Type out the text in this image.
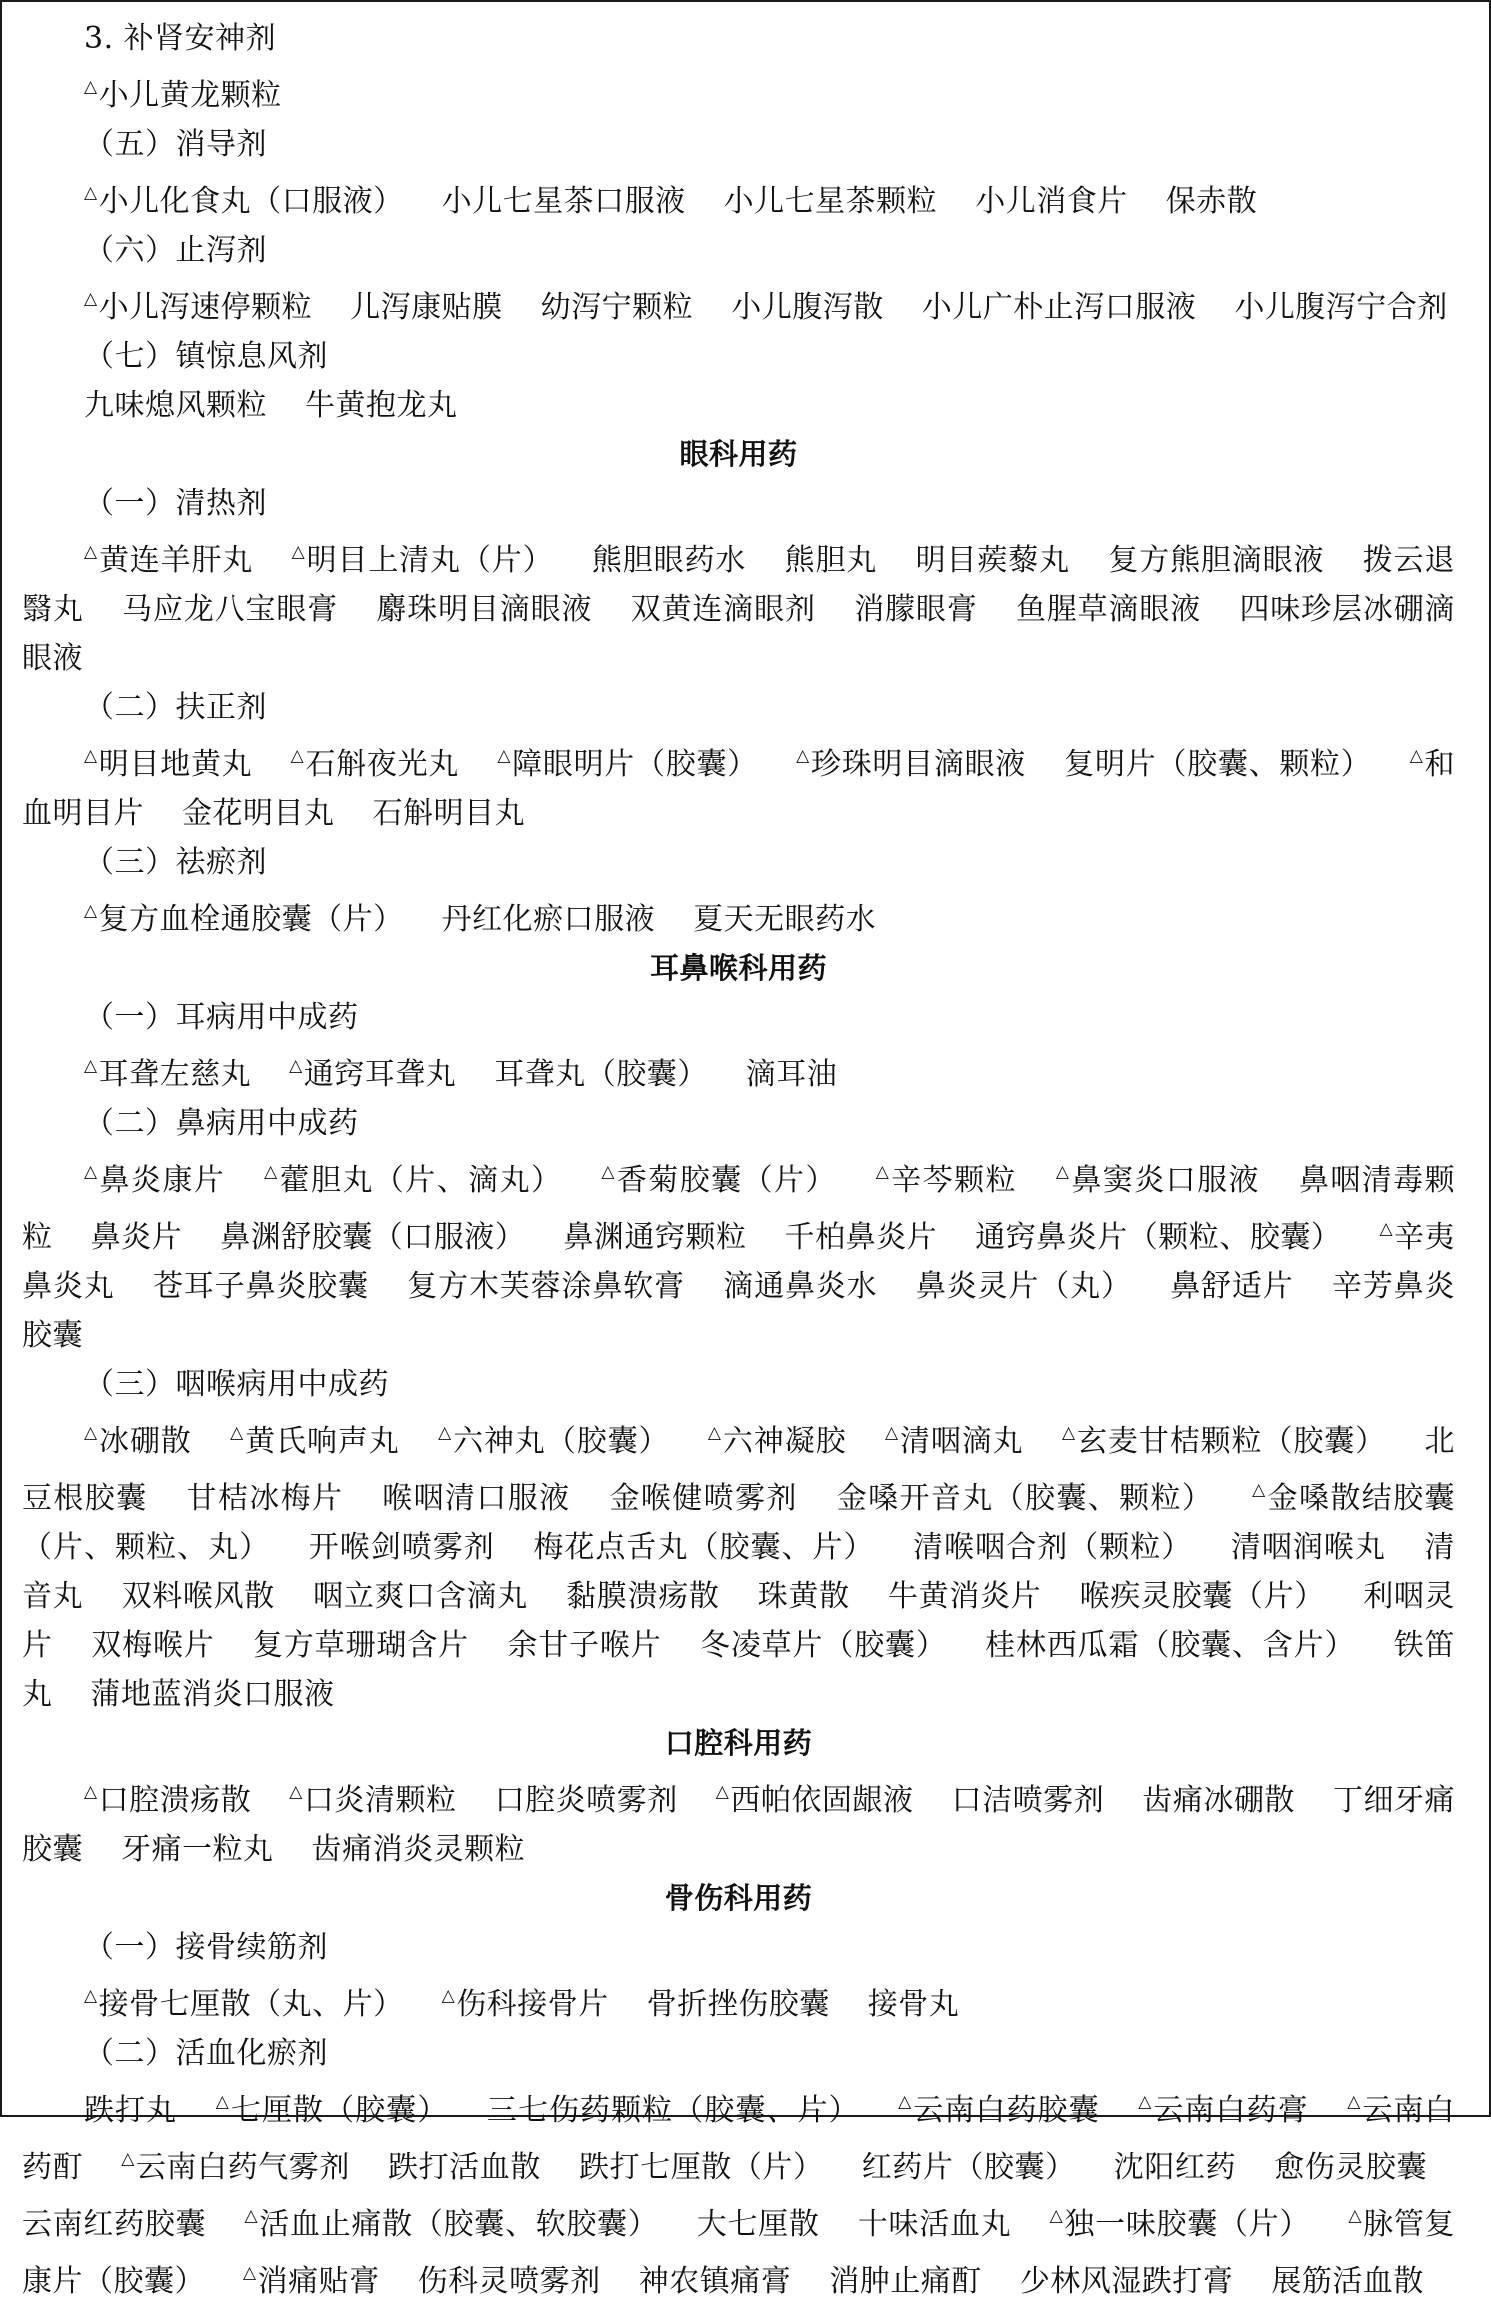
3. 补肾安神剂
△小儿黄龙颗粒
（五）消导剂
△小儿化食丸（口服液） 小儿七星茶口服液 小儿七星茶颗粒 小儿消食片 保赤散
（六）止泻剂
△小儿泻速停颗粒 儿泻康贴膜 幼泻宁颗粒 小儿腹泻散 小儿广朴止泻口服液 小儿腹泻宁合剂
（七）镇惊息风剂
九味熄风颗粒 牛黄抱龙丸
眼科用药
（一）清热剂
△黄连羊肝丸 △明目上清丸（片） 熊胆眼药水 熊胆丸 明目蒺藜丸 复方熊胆滴眼液 拨云退翳丸 马应龙八宝眼膏 麝珠明目滴眼液 双黄连滴眼剂 消朦眼膏 鱼腥草滴眼液 四味珍层冰硼滴眼液
（二）扶正剂
△明目地黄丸 △石斛夜光丸 △障眼明片（胶囊） △珍珠明目滴眼液 复明片（胶囊、颗粒） △和血明目片 金花明目丸 石斛明目丸
（三）祛瘀剂
△复方血栓通胶囊（片） 丹红化瘀口服液 夏天无眼药水
耳鼻喉科用药
（一）耳病用中成药
△耳聋左慈丸 △通窍耳聋丸 耳聋丸（胶囊） 滴耳油
（二）鼻病用中成药
△鼻炎康片 △藿胆丸（片、滴丸） △香菊胶囊（片） △辛芩颗粒 △鼻窦炎口服液 鼻咽清毒颗粒 鼻炎片 鼻渊舒胶囊（口服液） 鼻渊通窍颗粒 千柏鼻炎片 通窍鼻炎片（颗粒、胶囊） △辛夷鼻炎丸 苍耳子鼻炎胶囊 复方木芙蓉涂鼻软膏 滴通鼻炎水 鼻炎灵片（丸） 鼻舒适片 辛芳鼻炎胶囊
（三）咽喉病用中成药
△冰硼散 △黄氏响声丸 △六神丸（胶囊） △六神凝胶 △清咽滴丸 △玄麦甘桔颗粒（胶囊） 北豆根胶囊 甘桔冰梅片 喉咽清口服液 金喉健喷雾剂 金嗓开音丸（胶囊、颗粒） △金嗓散结胶囊（片、颗粒、丸） 开喉剑喷雾剂 梅花点舌丸（胶囊、片） 清喉咽合剂（颗粒） 清咽润喉丸 清音丸 双料喉风散 咽立爽口含滴丸 黏膜溃疡散 珠黄散 牛黄消炎片 喉疾灵胶囊（片） 利咽灵片 双梅喉片 复方草珊瑚含片 余甘子喉片 冬凌草片（胶囊） 桂林西瓜霜（胶囊、含片） 铁笛丸 蒲地蓝消炎口服液
口腔科用药
△口腔溃疡散 △口炎清颗粒 口腔炎喷雾剂 △西帕依固龈液 口洁喷雾剂 齿痛冰硼散 丁细牙痛胶囊 牙痛一粒丸 齿痛消炎灵颗粒
骨伤科用药
（一）接骨续筋剂
△接骨七厘散（丸、片） △伤科接骨片 骨折挫伤胶囊 接骨丸
（二）活血化瘀剂
跌打丸 △七厘散（胶囊） 三七伤药颗粒（胶囊、片） △云南白药胶囊 △云南白药膏 △云南白药酊 △云南白药气雾剂 跌打活血散 跌打七厘散（片） 红药片（胶囊） 沈阳红药 愈伤灵胶囊 云南红药胶囊 △活血止痛散（胶囊、软胶囊） 大七厘散 十味活血丸 △独一味胶囊（片） △脉管复康片（胶囊） △消痛贴膏 伤科灵喷雾剂 神农镇痛膏 消肿止痛酊 少林风湿跌打膏 展筋活血散
